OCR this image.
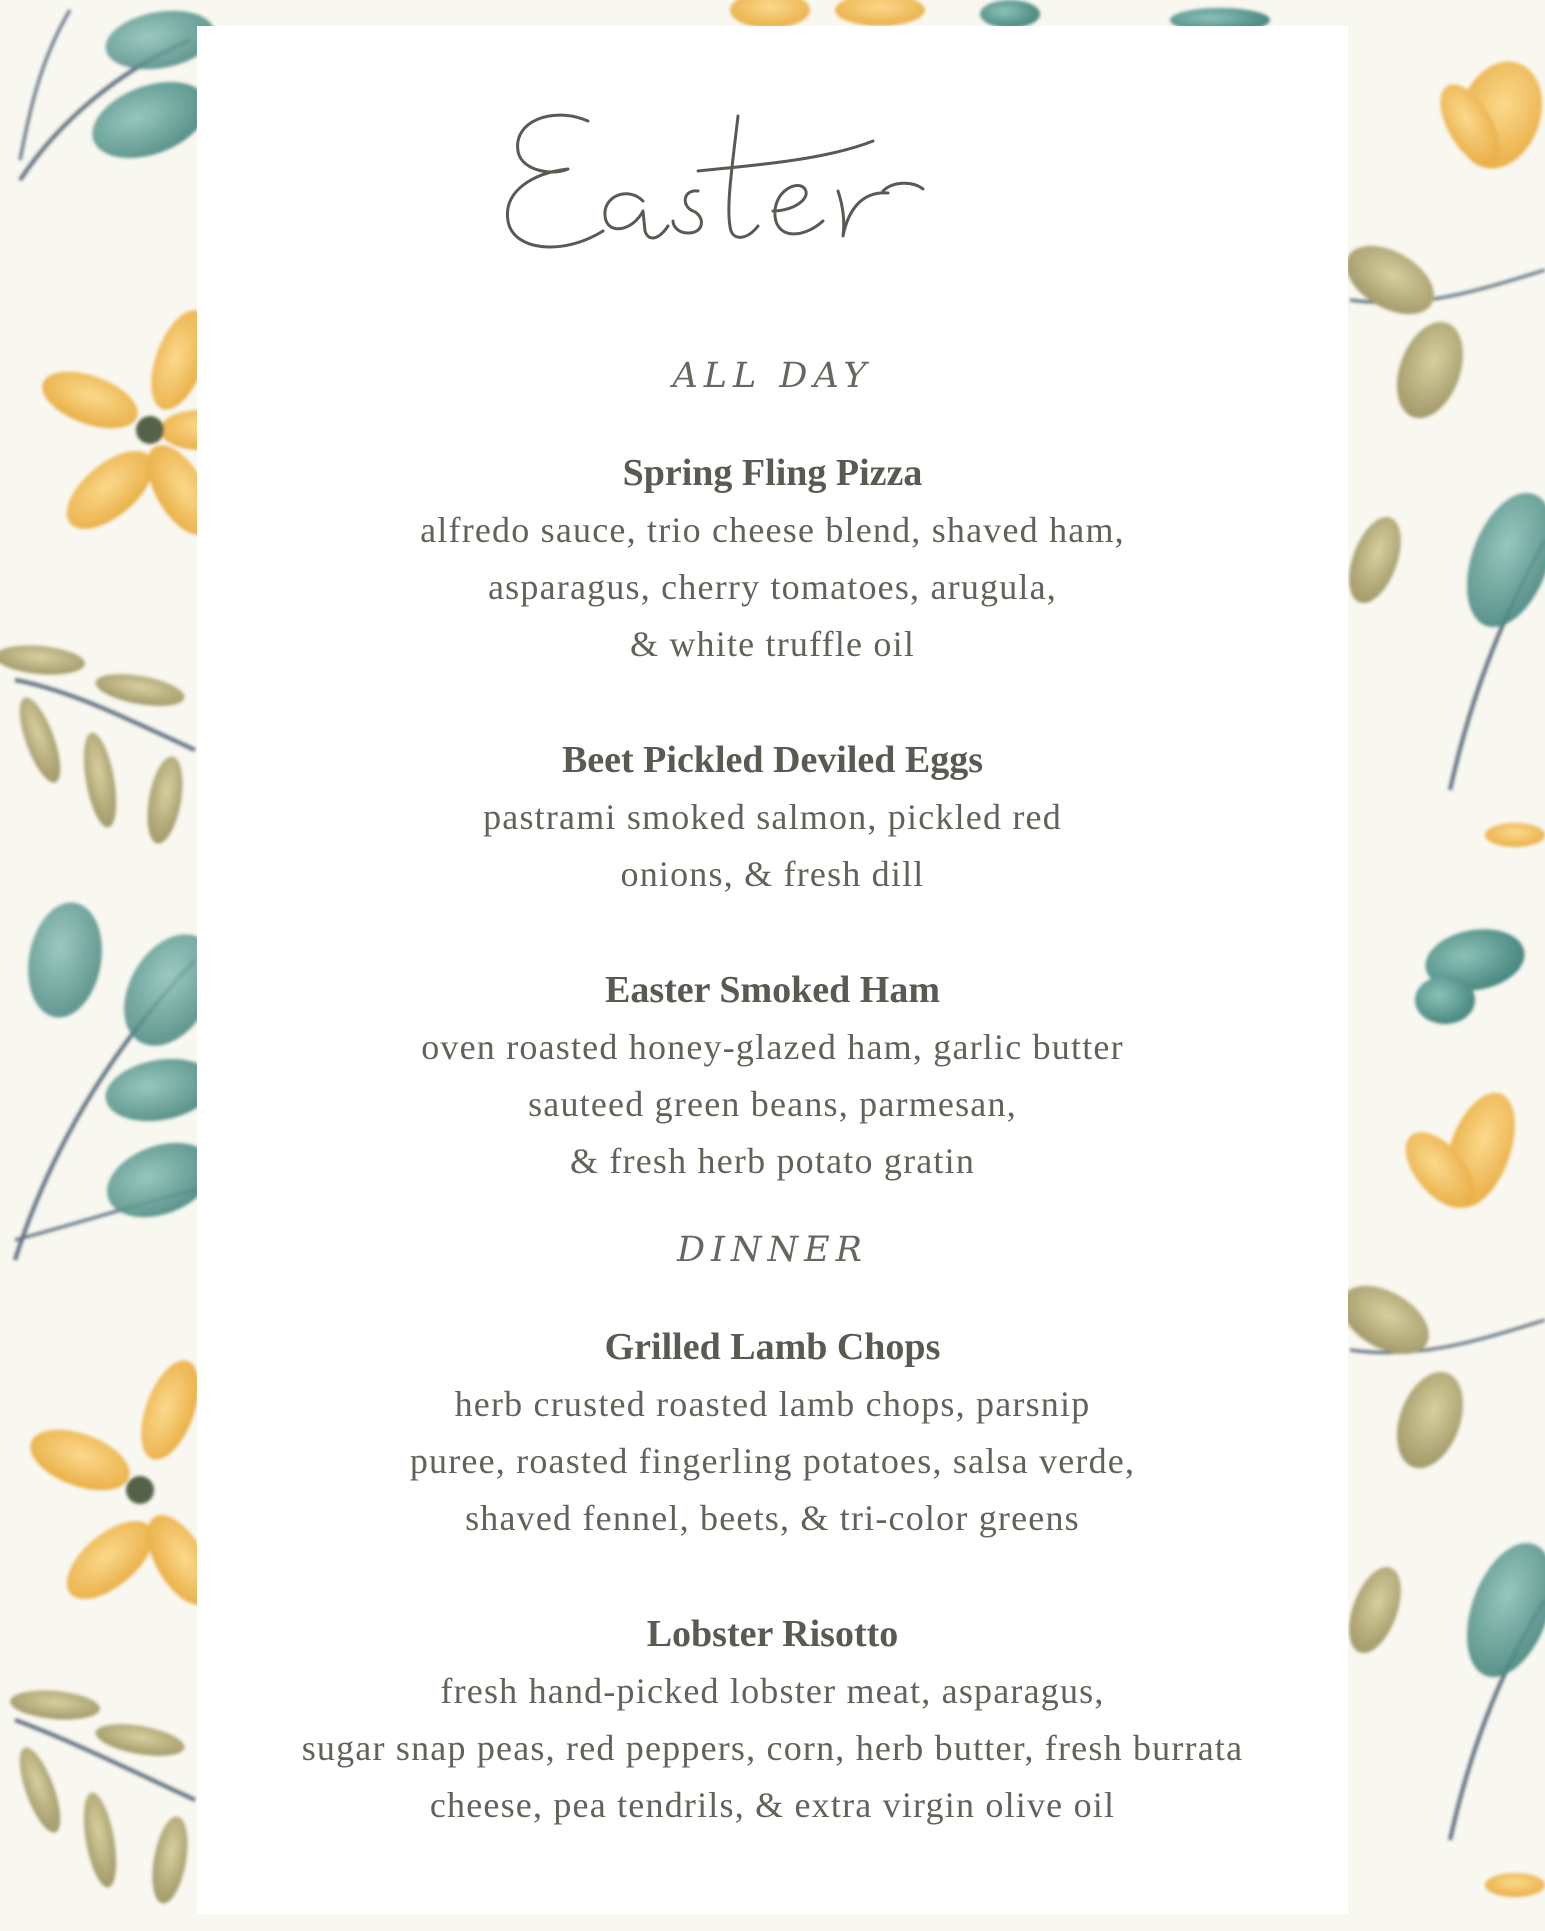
ALL DAY

Spring Fling Pizza

alfredo sauce, trio cheese blend, shaved ham,
asparagus, cherry tomatoes, arugula,
& white truffle oil

Beet Pickled Deviled Eggs

pastrami smoked salmon, pickled red
onions, & fresh dill

Easter Smoked Ham

oven roasted honey-glazed ham, garlic butter
sauteed green beans, parmesan,
& fresh herb potato gratin

DINNER

Grilled Lamb Chops

herb crusted roasted lamb chops, parsnip
puree, roasted fingerling potatoes, salsa verde,
shaved fennel, beets, & tri-color greens

Lobster Risotto

fresh hand-picked lobster meat, asparagus,
sugar snap peas, red peppers, corn, herb butter, fresh burrata
cheese, pea tendrils, & extra virgin olive oil
